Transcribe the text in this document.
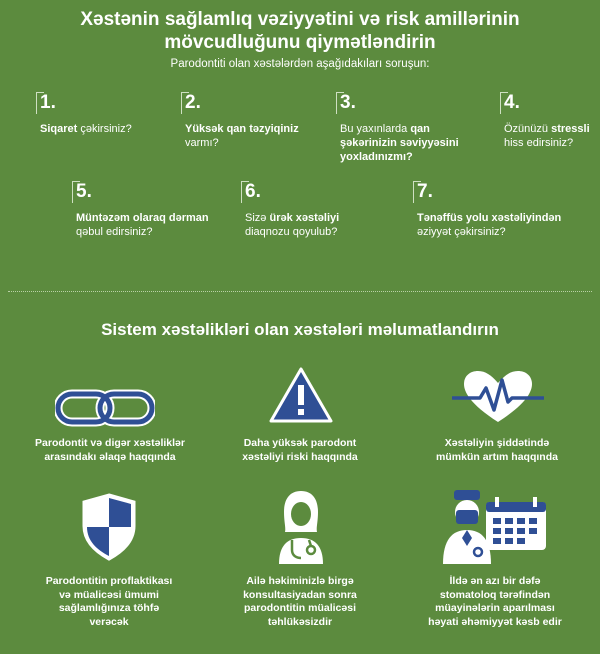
Xəstənin sağlamlıq vəziyyətini və risk amillərinin
mövcudluğunu qiymətləndirin
Parodontiti olan xəstələrdən aşağıdakıları soruşun:
1.
Siqaret çəkirsiniz?
2.
Yüksək qan təzyiqiniz varmı?
3.
Bu yaxınlarda qan şəkərinizin səviyyəsini yoxladınızmı?
4.
Özünüzü stressli hiss edirsiniz?
5.
Müntəzəm olaraq dərman qəbul edirsiniz?
6.
Sizə ürək xəstəliyi diaqnozu qoyulub?
7.
Tənəffüs yolu xəstəliyindən əziyyət çəkirsiniz?
Sistem xəstəlikləri olan xəstələri məlumatlandırın
Parodontit və digər xəstəliklər
arasındakı əlaqə haqqında
Daha yüksək parodont
xəstəliyi riski haqqında
Xəstəliyin şiddətində
mümkün artım haqqında
Parodontitin proflaktikası
və müalicəsi ümumi
sağlamlığınıza töhfə
verəcək
Ailə həkiminizlə birgə
konsultasiyadan sonra
parodontitin müalicəsi
təhlükəsizdir
İldə ən azı bir dəfə
stomatoloq tərəfindən
müayinələrin aparılması
həyati əhəmiyyət kəsb edir
